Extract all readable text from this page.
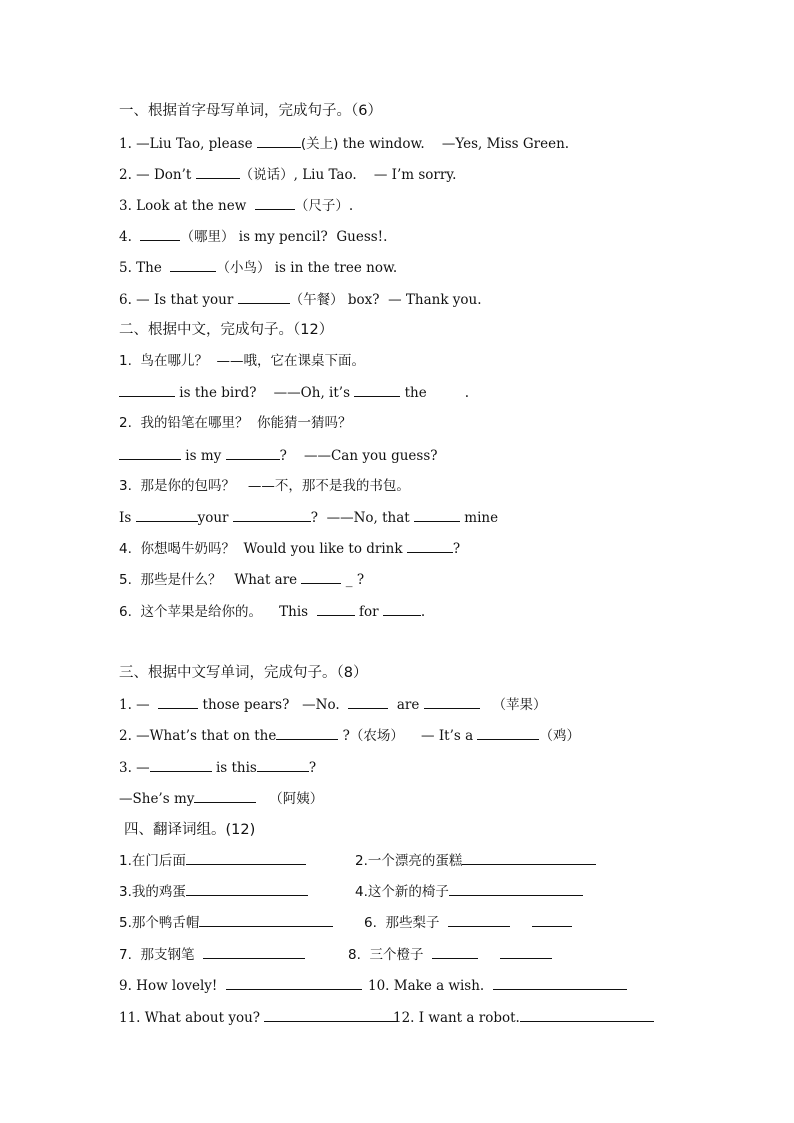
一、根据首字母写单词，完成句子。（6）
1. —Liu Tao, please	(关上) the window.    —Yes, Miss Green.
2. — Don’t	（说话）, Liu Tao.    — I’m sorry.
3. Look at the new	（尺子）.
4.	（哪里） is my pencil?  Guess!.
5. The	（小鸟） is in the tree now.
6. — Is that your	（午餐） box?  — Thank you.
二、根据中文，完成句子。（12）
1.  鸟在哪儿？  ——哦，它在课桌下面。
is the bird?    ——Oh, it’s	the	.
2.  我的铅笔在哪里？  你能猜一猜吗？
is my	?    ——Can you guess?
3.  那是你的包吗？   ——不，那不是我的书包。
Is	your	?  ——No, that	mine
4.  你想喝牛奶吗？  Would you like to drink	?
5.  那些是什么？   What are	_ ?
6.  这个苹果是给你的。    This	for	.
三、根据中文写单词，完成句子。（8）
1. —	those pears?   —No.	are	（苹果）
2. —What’s that on the	?（农场）    — It’s a	（鸡）
3. —	is this	?
—She’s my	（阿姨）
四、翻译词组。(12)
1.在门后面	2.一个漂亮的蛋糕
3.我的鸡蛋	4.这个新的椅子
5.那个鸭舌帽	6.  那些梨子
7.  那支钢笔	8.  三个橙子
9. How lovely!	10. Make a wish.
11. What about you?	12. I want a robot.
